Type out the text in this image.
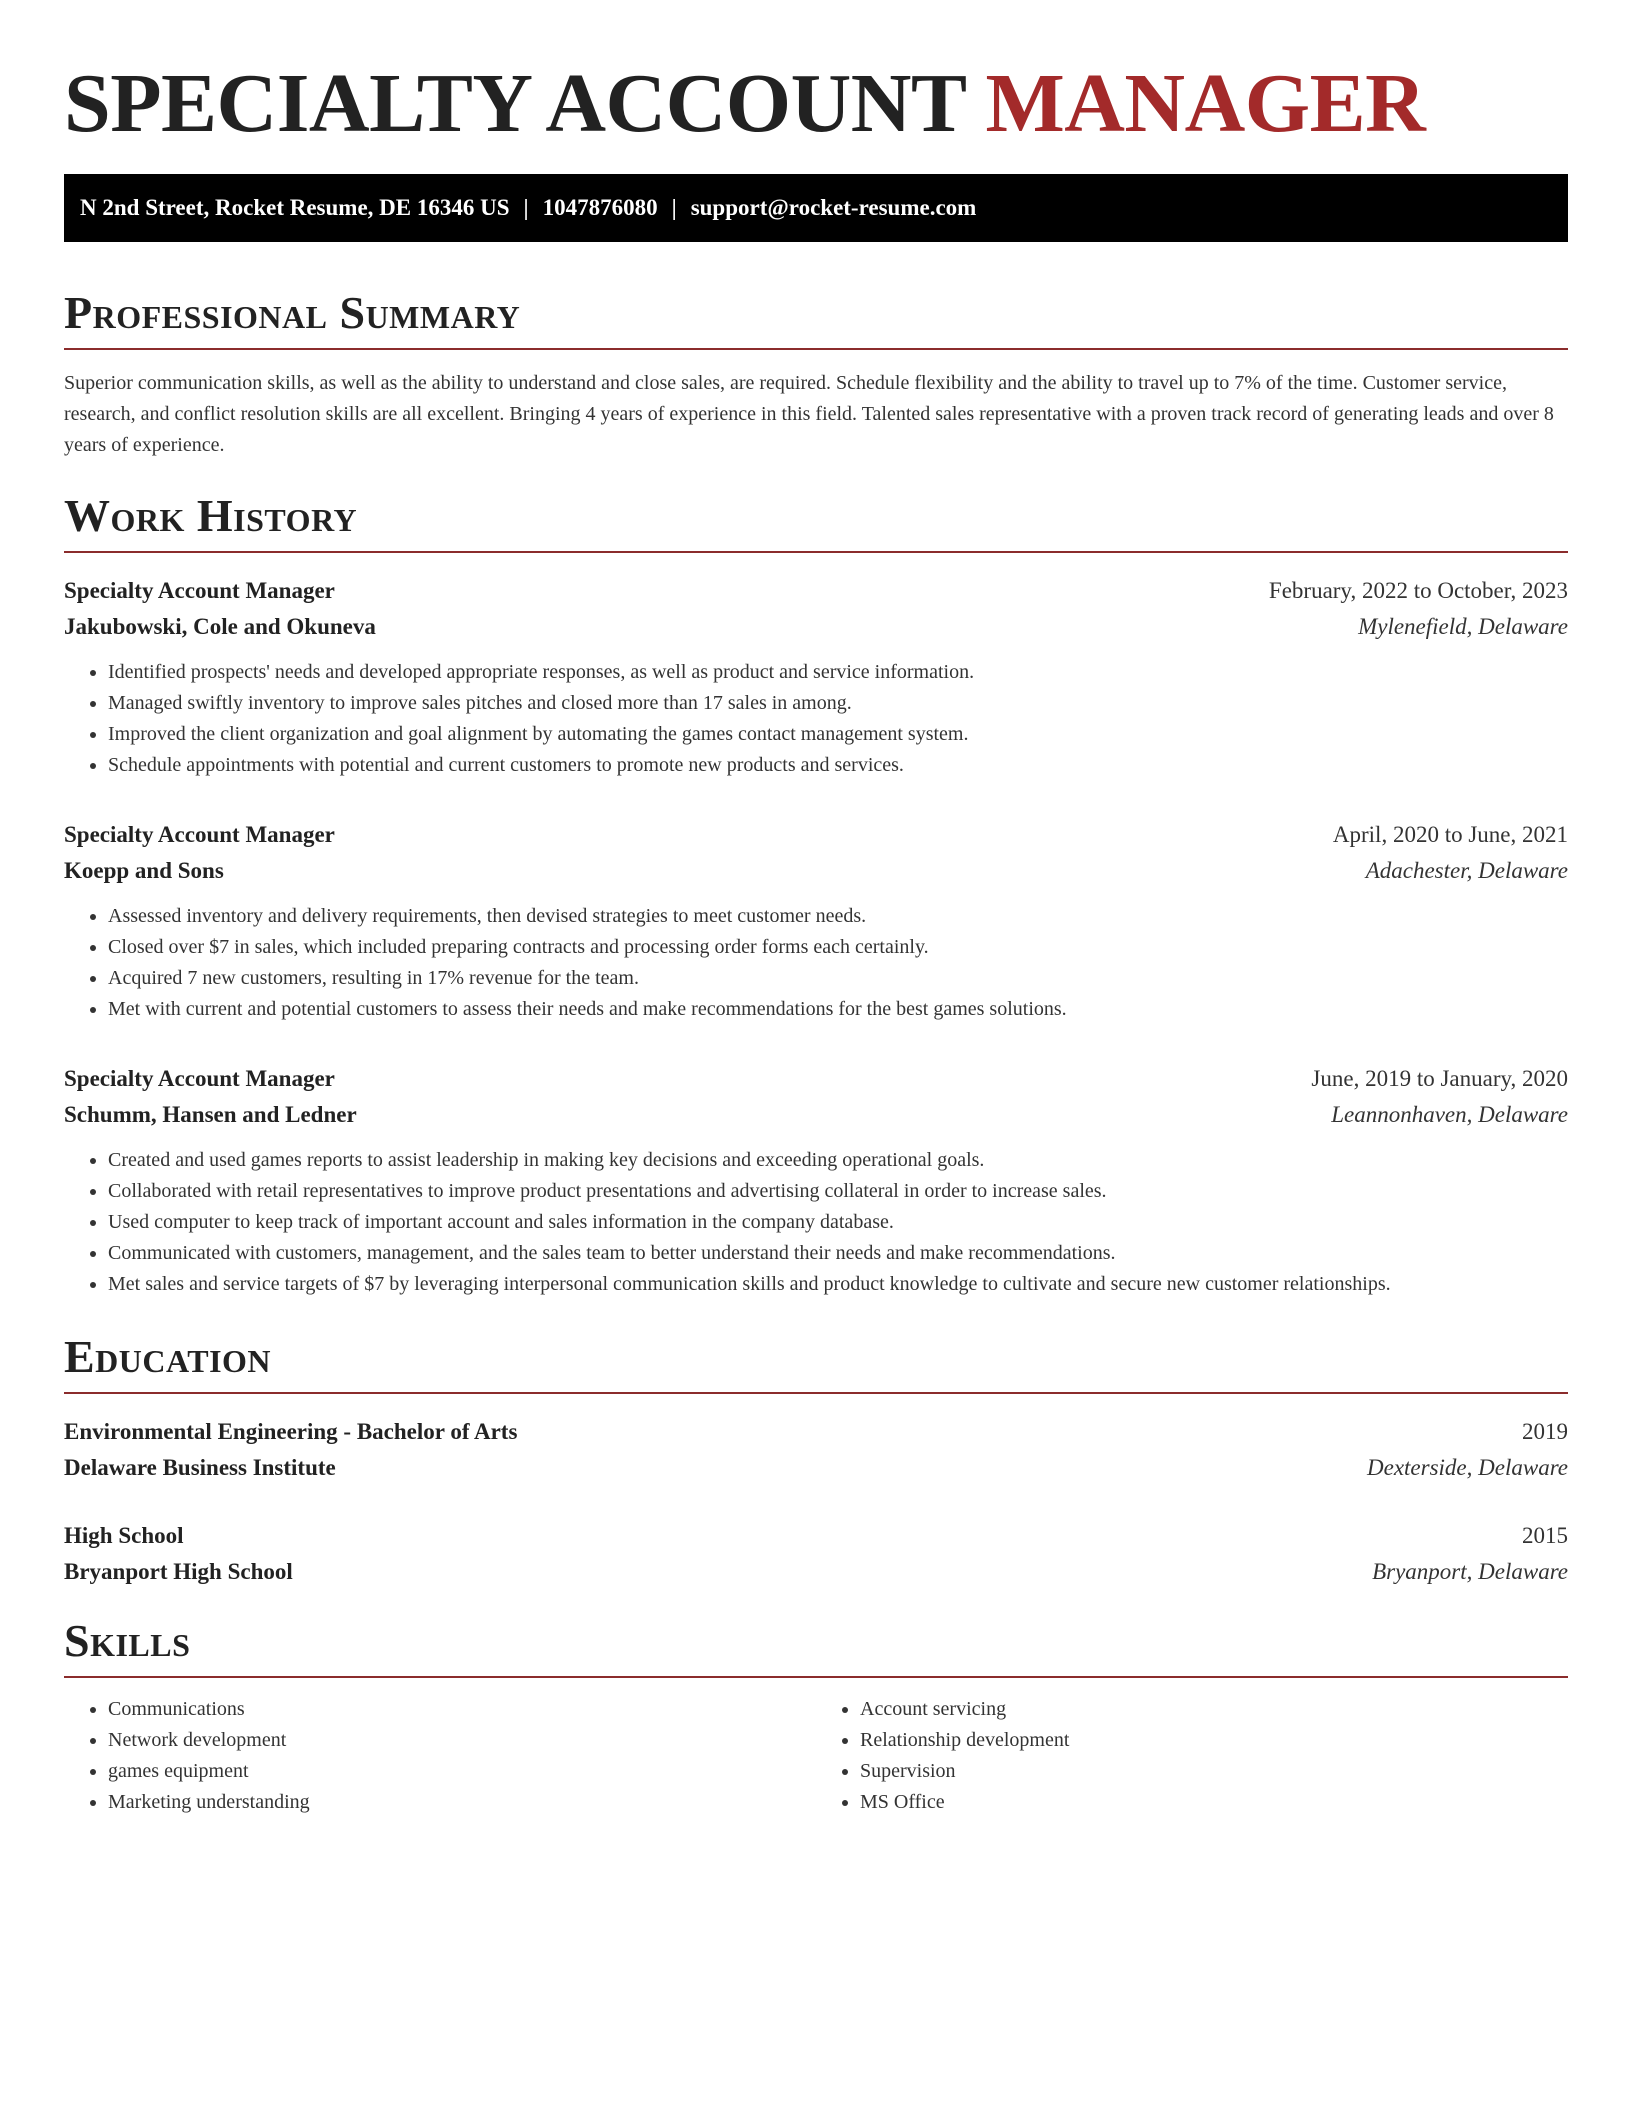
SPECIALTY ACCOUNT MANAGER
N 2nd Street, Rocket Resume, DE 16346 US | 1047876080 | support@rocket-resume.com
Professional Summary

Superior communication skills, as well as the ability to understand and close sales, are required. Schedule flexibility and the ability to travel up to 7% of the time. Customer service, research, and conflict resolution skills are all excellent. Bringing 4 years of experience in this field. Talented sales representative with a proven track record of generating leads and over 8 years of experience.

Work History
Specialty Account Manager	February, 2022 to October, 2023
Jakubowski, Cole and Okuneva	Mylenefield, Delaware
• Identified prospects' needs and developed appropriate responses, as well as product and service information.
• Managed swiftly inventory to improve sales pitches and closed more than 17 sales in among.
• Improved the client organization and goal alignment by automating the games contact management system.
• Schedule appointments with potential and current customers to promote new products and services.
Specialty Account Manager	April, 2020 to June, 2021
Koepp and Sons	Adachester, Delaware
• Assessed inventory and delivery requirements, then devised strategies to meet customer needs.
• Closed over $7 in sales, which included preparing contracts and processing order forms each certainly.
• Acquired 7 new customers, resulting in 17% revenue for the team.
• Met with current and potential customers to assess their needs and make recommendations for the best games solutions.
Specialty Account Manager	June, 2019 to January, 2020
Schumm, Hansen and Ledner	Leannonhaven, Delaware
• Created and used games reports to assist leadership in making key decisions and exceeding operational goals.
• Collaborated with retail representatives to improve product presentations and advertising collateral in order to increase sales.
• Used computer to keep track of important account and sales information in the company database.
• Communicated with customers, management, and the sales team to better understand their needs and make recommendations.
• Met sales and service targets of $7 by leveraging interpersonal communication skills and product knowledge to cultivate and secure new customer relationships.
Education
Environmental Engineering - Bachelor of Arts	2019
Delaware Business Institute	Dexterside, Delaware
High School	2015
Bryanport High School	Bryanport, Delaware
Skills
• Communications
• Network development
• games equipment
• Marketing understanding
• Account servicing
• Relationship development
• Supervision
• MS Office
